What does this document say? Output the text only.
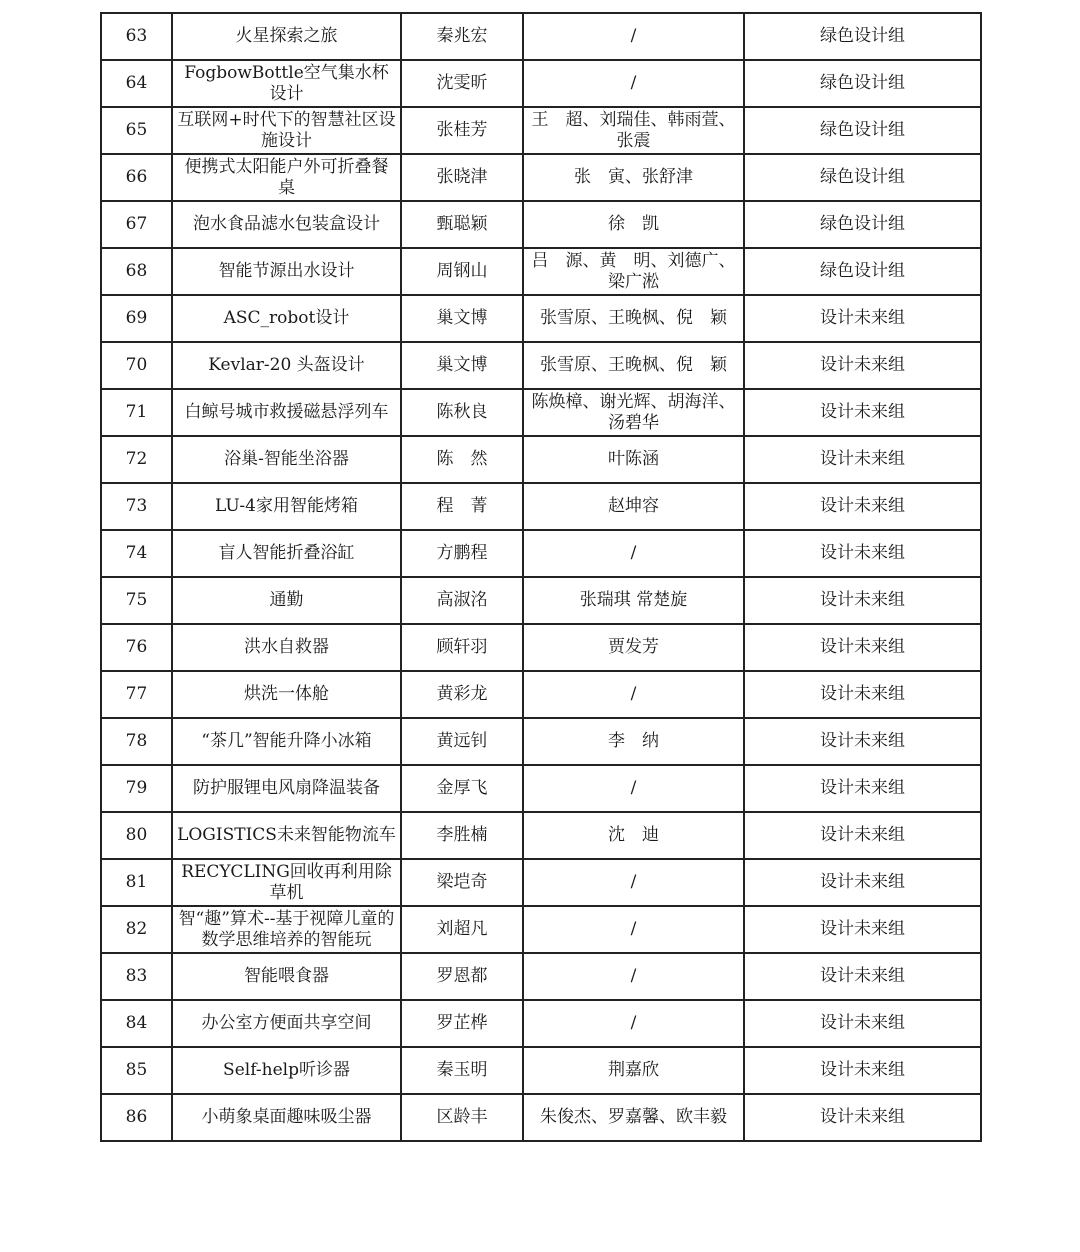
63	火星探索之旅	秦兆宏	/	绿色设计组
64	FogbowBottle空气集水杯设计	沈雯昕	/	绿色设计组
65	互联网+时代下的智慧社区设施设计	张桂芳	王　超、刘瑞佳、韩雨萱、张震	绿色设计组
66	便携式太阳能户外可折叠餐桌	张晓津	张　寅、张舒津	绿色设计组
67	泡水食品滤水包装盒设计	甄聪颖	徐　凯	绿色设计组
68	智能节源出水设计	周钢山	吕　源、黄　明、刘德广、梁广淞	绿色设计组
69	ASC_robot设计	巢文博	张雪原、王晚枫、倪　颖	设计未来组
70	Kevlar-20 头盔设计	巢文博	张雪原、王晚枫、倪　颖	设计未来组
71	白鲸号城市救援磁悬浮列车	陈秋良	陈焕樟、谢光辉、胡海洋、汤碧华	设计未来组
72	浴巢-智能坐浴器	陈　然	叶陈涵	设计未来组
73	LU-4家用智能烤箱	程　菁	赵坤容	设计未来组
74	盲人智能折叠浴缸	方鹏程	/	设计未来组
75	通勤	高淑洺	张瑞琪 常楚旋	设计未来组
76	洪水自救器	顾轩羽	贾发芳	设计未来组
77	烘洗一体舱	黄彩龙	/	设计未来组
78	“茶几”智能升降小冰箱	黄远钊	李　纳	设计未来组
79	防护服锂电风扇降温装备	金厚飞	/	设计未来组
80	LOGISTICS未来智能物流车	李胜楠	沈　迪	设计未来组
81	RECYCLING回收再利用除草机	梁垲奇	/	设计未来组
82	智“趣”算术--基于视障儿童的数学思维培养的智能玩	刘超凡	/	设计未来组
83	智能喂食器	罗恩都	/	设计未来组
84	办公室方便面共享空间	罗芷桦	/	设计未来组
85	Self-help听诊器	秦玉明	荆嘉欣	设计未来组
86	小萌象桌面趣味吸尘器	区龄丰	朱俊杰、罗嘉馨、欧丰毅	设计未来组
